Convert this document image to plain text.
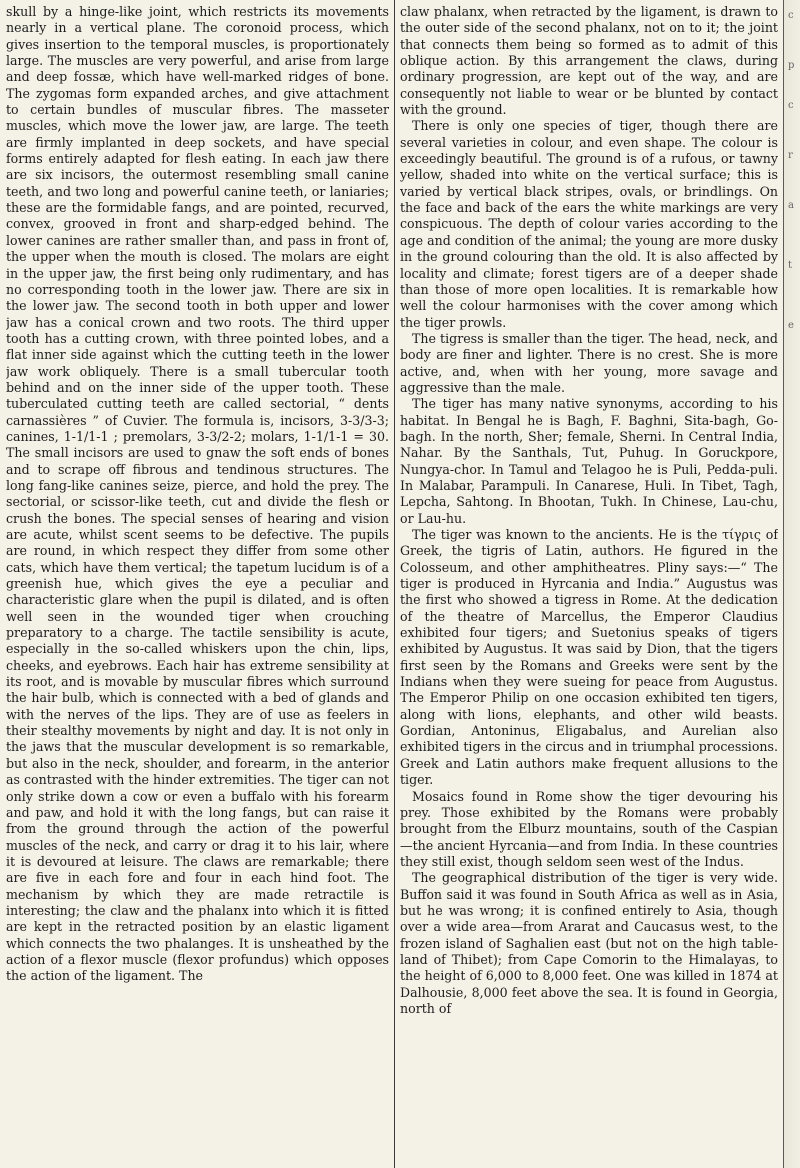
skull by a hinge-like joint, which restricts its movements nearly in a vertical plane. The coronoid process, which gives insertion to the temporal muscles, is proportionately large. The muscles are very powerful, and arise from large and deep fossæ, which have well-marked ridges of bone. The zygomas form expanded arches, and give attachment to certain bundles of muscular fibres. The masseter muscles, which move the lower jaw, are large. The teeth are firmly implanted in deep sockets, and have special forms entirely adapted for flesh eating. In each jaw there are six incisors, the outermost resembling small canine teeth, and two long and powerful canine teeth, or laniaries; these are the formidable fangs, and are pointed, recurved, convex, grooved in front and sharp-edged behind. The lower canines are rather smaller than, and pass in front of, the upper when the mouth is closed. The molars are eight in the upper jaw, the first being only rudimentary, and has no corresponding tooth in the lower jaw. There are six in the lower jaw. The second tooth in both upper and lower jaw has a conical crown and two roots. The third upper tooth has a cutting crown, with three pointed lobes, and a flat inner side against which the cutting teeth in the lower jaw work obliquely. There is a small tubercular tooth behind and on the inner side of the upper tooth. These tuberculated cutting teeth are called sectorial, “ dents carnassières ” of Cuvier. The formula is, incisors, 3-3/3-3; canines, 1-1/1-1 ; premolars, 3-3/2-2; molars, 1-1/1-1 = 30. The small incisors are used to gnaw the soft ends of bones and to scrape off fibrous and tendinous structures. The long fang-like canines seize, pierce, and hold the prey. The sectorial, or scissor-like teeth, cut and divide the flesh or crush the bones. The special senses of hearing and vision are acute, whilst scent seems to be defective. The pupils are round, in which respect they differ from some other cats, which have them vertical; the tapetum lucidum is of a greenish hue, which gives the eye a peculiar and characteristic glare when the pupil is dilated, and is often well seen in the wounded tiger when crouching preparatory to a charge. The tactile sensibility is acute, especially in the so-called whiskers upon the chin, lips, cheeks, and eyebrows. Each hair has extreme sensibility at its root, and is movable by muscular fibres which surround the hair bulb, which is connected with a bed of glands and with the nerves of the lips. They are of use as feelers in their stealthy movements by night and day. It is not only in the jaws that the muscular development is so remarkable, but also in the neck, shoulder, and forearm, in the anterior as contrasted with the hinder extremities. The tiger can not only strike down a cow or even a buffalo with his forearm and paw, and hold it with the long fangs, but can raise it from the ground through the action of the powerful muscles of the neck, and carry or drag it to his lair, where it is devoured at leisure. The claws are remarkable; there are five in each fore and four in each hind foot. The mechanism by which they are made retractile is interesting; the claw and the phalanx into which it is fitted are kept in the retracted position by an elastic ligament which connects the two phalanges. It is unsheathed by the action of a flexor muscle (flexor profundus) which opposes the action of the ligament. The

claw phalanx, when retracted by the ligament, is drawn to the outer side of the second phalanx, not on to it; the joint that connects them being so formed as to admit of this oblique action. By this arrangement the claws, during ordinary progression, are kept out of the way, and are consequently not liable to wear or be blunted by contact with the ground.

There is only one species of tiger, though there are several varieties in colour, and even shape. The colour is exceedingly beautiful. The ground is of a rufous, or tawny yellow, shaded into white on the vertical surface; this is varied by vertical black stripes, ovals, or brindlings. On the face and back of the ears the white markings are very conspicuous. The depth of colour varies according to the age and condition of the animal; the young are more dusky in the ground colouring than the old. It is also affected by locality and climate; forest tigers are of a deeper shade than those of more open localities. It is remarkable how well the colour harmonises with the cover among which the tiger prowls.

The tigress is smaller than the tiger. The head, neck, and body are finer and lighter. There is no crest. She is more active, and, when with her young, more savage and aggressive than the male.

The tiger has many native synonyms, according to his habitat. In Bengal he is Bagh, F. Baghni, Sita-bagh, Go-bagh. In the north, Sher; female, Sherni. In Central India, Nahar. By the Santhals, Tut, Puhug. In Goruckpore, Nungya-chor. In Tamul and Telagoo he is Puli, Pedda-puli. In Malabar, Parampuli. In Canarese, Huli. In Tibet, Tagh, Lepcha, Sahtong. In Bhootan, Tukh. In Chinese, Lau-chu, or Lau-hu.

The tiger was known to the ancients. He is the τίγρις of Greek, the tigris of Latin, authors. He figured in the Colosseum, and other amphitheatres. Pliny says:—“ The tiger is produced in Hyrcania and India.” Augustus was the first who showed a tigress in Rome. At the dedication of the theatre of Marcellus, the Emperor Claudius exhibited four tigers; and Suetonius speaks of tigers exhibited by Augustus. It was said by Dion, that the tigers first seen by the Romans and Greeks were sent by the Indians when they were sueing for peace from Augustus. The Emperor Philip on one occasion exhibited ten tigers, along with lions, elephants, and other wild beasts. Gordian, Antoninus, Eligabalus, and Aurelian also exhibited tigers in the circus and in triumphal processions. Greek and Latin authors make frequent allusions to the tiger.

Mosaics found in Rome show the tiger devouring his prey. Those exhibited by the Romans were probably brought from the Elburz mountains, south of the Caspian—the ancient Hyrcania—and from India. In these countries they still exist, though seldom seen west of the Indus.

The geographical distribution of the tiger is very wide. Buffon said it was found in South Africa as well as in Asia, but he was wrong; it is confined entirely to Asia, though over a wide area—from Ararat and Caucasus west, to the frozen island of Saghalien east (but not on the high table-land of Thibet); from Cape Comorin to the Himalayas, to the height of 6,000 to 8,000 feet. One was killed in 1874 at Dalhousie, 8,000 feet above the sea. It is found in Georgia, north of

c
p
c
r
a
t
e
